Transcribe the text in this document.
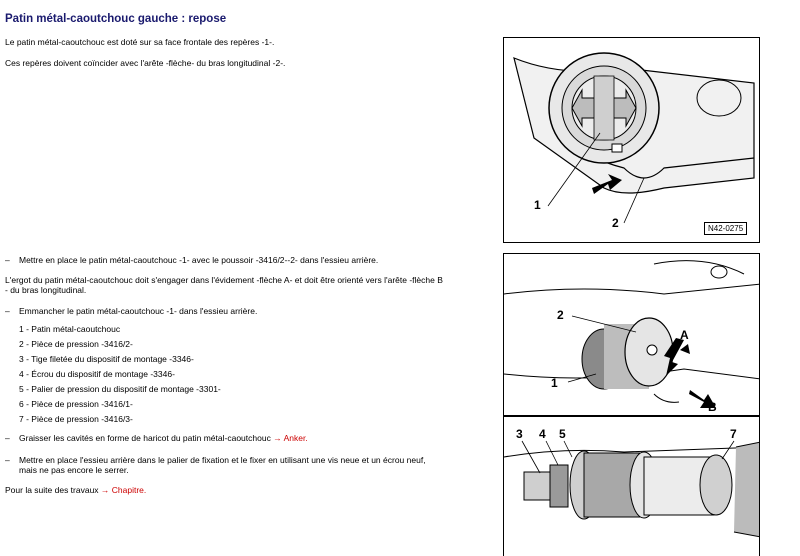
Patin métal-caoutchouc gauche : repose
Le patin métal-caoutchouc est doté sur sa face frontale des repères -1-.
Ces repères doivent coïncider avec l'arête -flèche- du bras longitudinal -2-.
1
2	N42-0275
1
2
A
B
3 4 5	7
– Mettre en place le patin métal-caoutchouc -1- avec le poussoir -3416/2--2- dans l'essieu arrière.
L'ergot du patin métal-caoutchouc doit s'engager dans l'évidement -flèche A- et doit être orienté vers l'arête -flèche B
- du bras longitudinal.
– Emmancher le patin métal-caoutchouc -1- dans l'essieu arrière.
1 - Patin métal-caoutchouc
2 - Pièce de pression -3416/2-
3 - Tige filetée du dispositif de montage -3346-
4 - Écrou du dispositif de montage -3346-
5 - Palier de pression du dispositif de montage -3301-
6 - Pièce de pression -3416/1-
7 - Pièce de pression -3416/3-
– Graisser les cavités en forme de haricot du patin métal-caoutchouc → Anker.
– Mettre en place l'essieu arrière dans le palier de fixation et le fixer en utilisant une vis neue et un écrou neuf,
mais ne pas encore le serrer.
Pour la suite des travaux → Chapitre.
